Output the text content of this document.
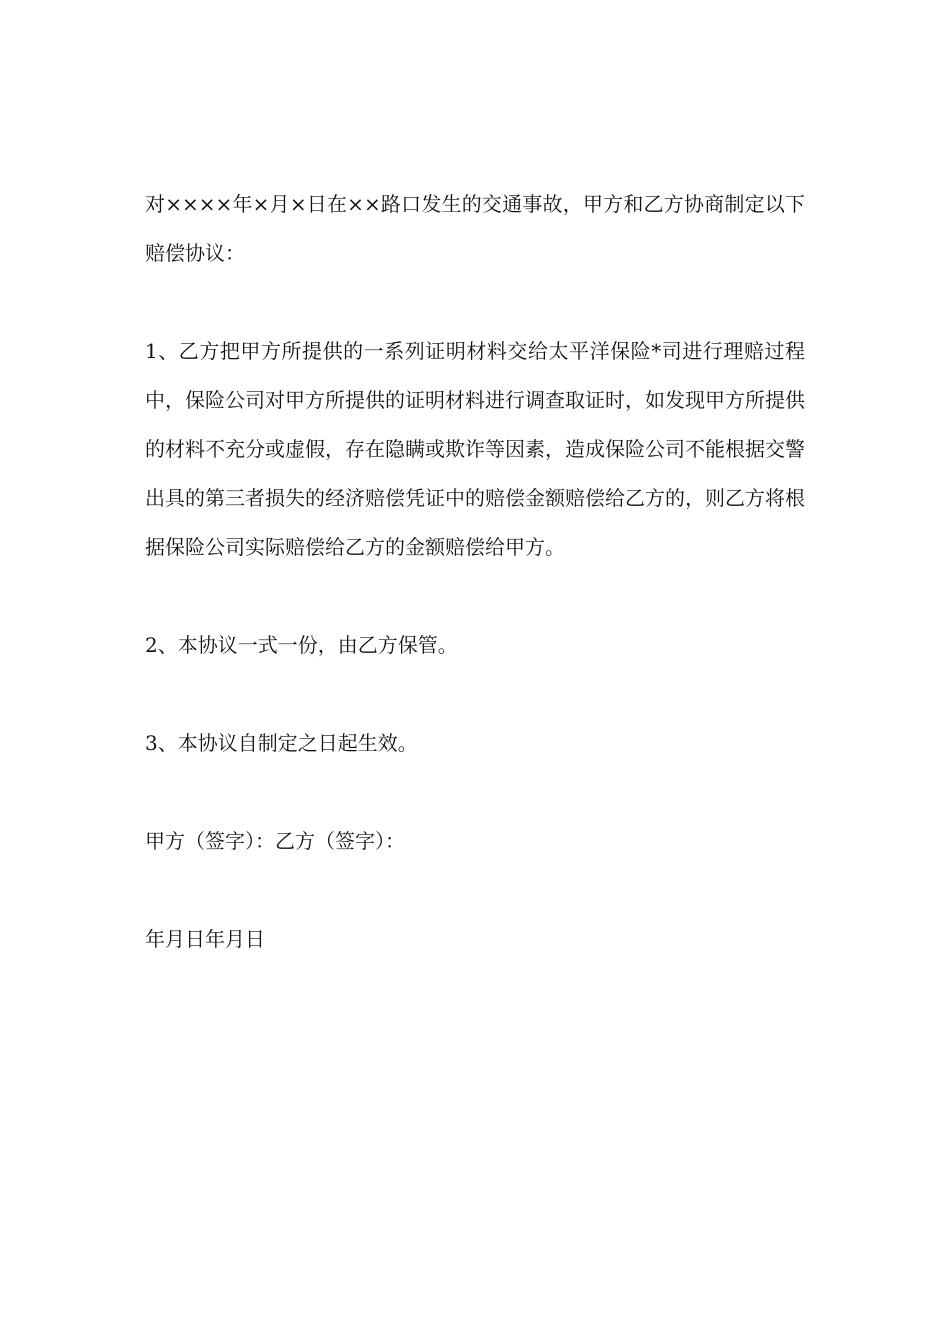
对××××年×月×日在××路口发生的交通事故，甲方和乙方协商制定以下赔偿协议：

1、乙方把甲方所提供的一系列证明材料交给太平洋保险*司进行理赔过程中，保险公司对甲方所提供的证明材料进行调查取证时，如发现甲方所提供的材料不充分或虚假，存在隐瞒或欺诈等因素，造成保险公司不能根据交警出具的第三者损失的经济赔偿凭证中的赔偿金额赔偿给乙方的，则乙方将根据保险公司实际赔偿给乙方的金额赔偿给甲方。

2、本协议一式一份，由乙方保管。

3、本协议自制定之日起生效。

甲方（签字）：乙方（签字）：

年月日年月日
